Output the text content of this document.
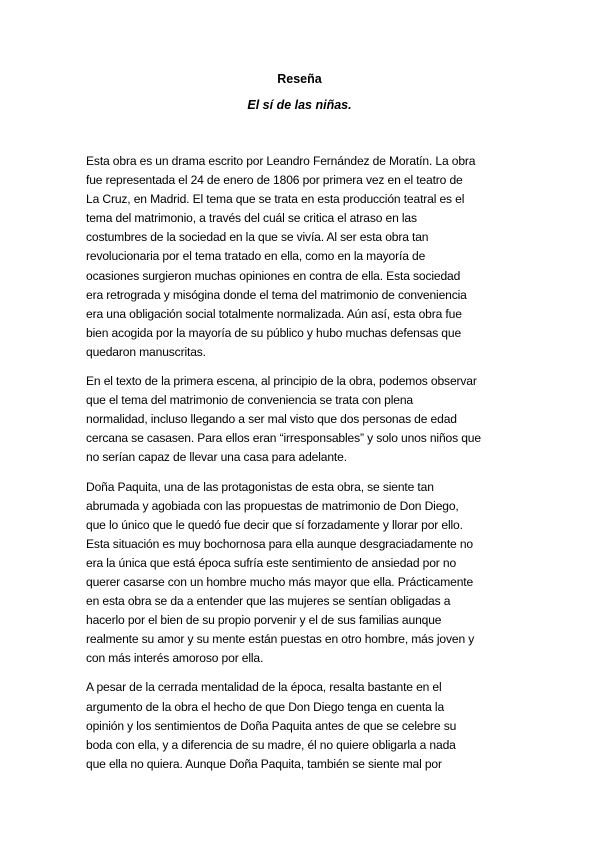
Reseña
El sí de las niñas.

Esta obra es un drama escrito por Leandro Fernández de Moratín. La obra
fue representada el 24 de enero de 1806 por primera vez en el teatro de
La Cruz, en Madrid. El tema que se trata en esta producción teatral es el
tema del matrimonio, a través del cuál se critica el atraso en las
costumbres de la sociedad en la que se vivía. Al ser esta obra tan
revolucionaria por el tema tratado en ella, como en la mayoría de
ocasiones surgieron muchas opiniones en contra de ella. Esta sociedad
era retrograda y misógina donde el tema del matrimonio de conveniencia
era una obligación social totalmente normalizada. Aún así, esta obra fue
bien acogida por la mayoría de su público y hubo muchas defensas que
quedaron manuscritas.

En el texto de la primera escena, al principio de la obra, podemos observar
que el tema del matrimonio de conveniencia se trata con plena
normalidad, incluso llegando a ser mal visto que dos personas de edad
cercana se casasen. Para ellos eran “irresponsables” y solo unos niños que
no serían capaz de llevar una casa para adelante.

Doña Paquita, una de las protagonistas de esta obra, se siente tan
abrumada y agobiada con las propuestas de matrimonio de Don Diego,
que lo único que le quedó fue decir que sí forzadamente y llorar por ello.
Esta situación es muy bochornosa para ella aunque desgraciadamente no
era la única que está época sufría este sentimiento de ansiedad por no
querer casarse con un hombre mucho más mayor que ella. Prácticamente
en esta obra se da a entender que las mujeres se sentían obligadas a
hacerlo por el bien de su propio porvenir y el de sus familias aunque
realmente su amor y su mente están puestas en otro hombre, más joven y
con más interés amoroso por ella.

A pesar de la cerrada mentalidad de la época, resalta bastante en el
argumento de la obra el hecho de que Don Diego tenga en cuenta la
opinión y los sentimientos de Doña Paquita antes de que se celebre su
boda con ella, y a diferencia de su madre, él no quiere obligarla a nada
que ella no quiera. Aunque Doña Paquita, también se siente mal por
